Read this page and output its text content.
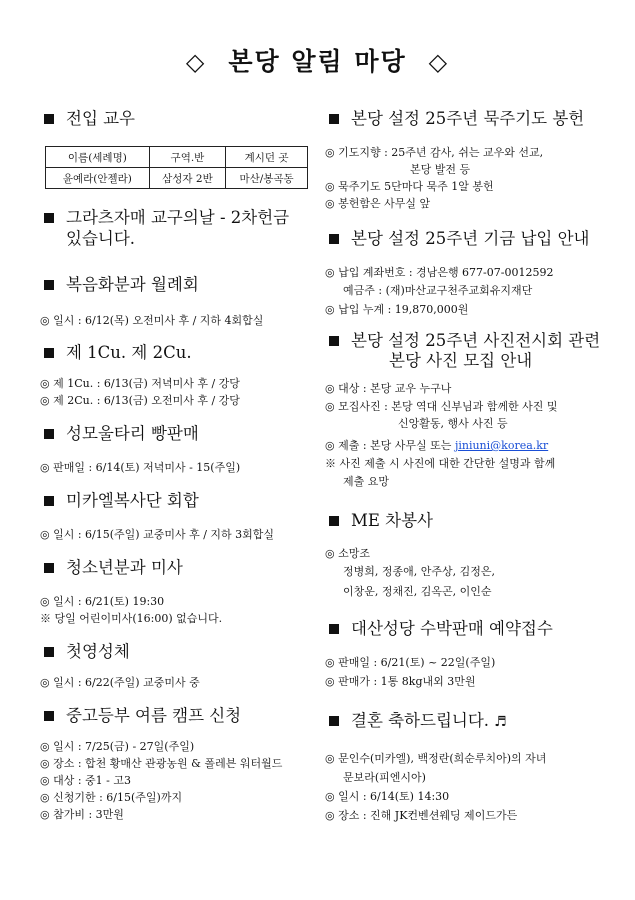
◇ 본당 알림 마당 ◇
전입 교우
이름(세례명)	구역.반	계시던 곳
윤예라(안젤라)	삼성자 2반	마산/봉곡동
그라츠자매 교구의날 - 2차헌금
있습니다.
복음화분과 월례회
◎ 일시 : 6/12(목) 오전미사 후 / 지하 4회합실
제 1Cu. 제 2Cu.
◎ 제 1Cu. : 6/13(금) 저녁미사 후 / 강당
◎ 제 2Cu. : 6/13(금) 오전미사 후 / 강당
성모울타리 빵판매
◎ 판매일 : 6/14(토) 저녁미사 - 15(주일)
미카엘복사단 회합
◎ 일시 : 6/15(주일) 교중미사 후 / 지하 3회합실
청소년분과 미사
◎ 일시 : 6/21(토) 19:30
※ 당일 어린이미사(16:00) 없습니다.
첫영성체
◎ 일시 : 6/22(주일) 교중미사 중
중고등부 여름 캠프 신청
◎ 일시 : 7/25(금) - 27일(주일)
◎ 장소 : 합천 황매산 관광농원 & 폴레븐 워터월드
◎ 대상 : 중1 - 고3
◎ 신청기한 : 6/15(주일)까지
◎ 참가비 : 3만원
본당 설정 25주년 묵주기도 봉헌
◎ 기도지향 : 25주년 감사, 쉬는 교우와 선교,
본당 발전 등
◎ 묵주기도 5단마다 묵주 1알 봉헌
◎ 봉헌함은 사무실 앞
본당 설정 25주년 기금 납입 안내
◎ 납입 계좌번호 : 경남은행 677-07-0012592
예금주 : (재)마산교구천주교회유지재단
◎ 납입 누계 : 19,870,000원
본당 설정 25주년 사진전시회 관련
본당 사진 모집 안내
◎ 대상 : 본당 교우 누구나
◎ 모집사진 : 본당 역대 신부님과 함께한 사진 및
신앙활동, 행사 사진 등
◎ 제출 : 본당 사무실 또는 jiniuni@korea.kr
※ 사진 제출 시 사진에 대한 간단한 설명과 함께
제출 요망
ME 차봉사
◎ 소망조
정병희, 정종애, 안주상, 김정은,
이창운, 정채진, 김옥곤, 이인순
대산성당 수박판매 예약접수
◎ 판매일 : 6/21(토) ~ 22일(주일)
◎ 판매가 : 1통 8kg내외 3만원
결혼 축하드립니다. ♬
◎ 문인수(미카엘), 백정란(희순루치아)의 자녀
문보라(피엔시아)
◎ 일시 : 6/14(토) 14:30
◎ 장소 : 진해 JK컨벤션웨딩 제이드가든
